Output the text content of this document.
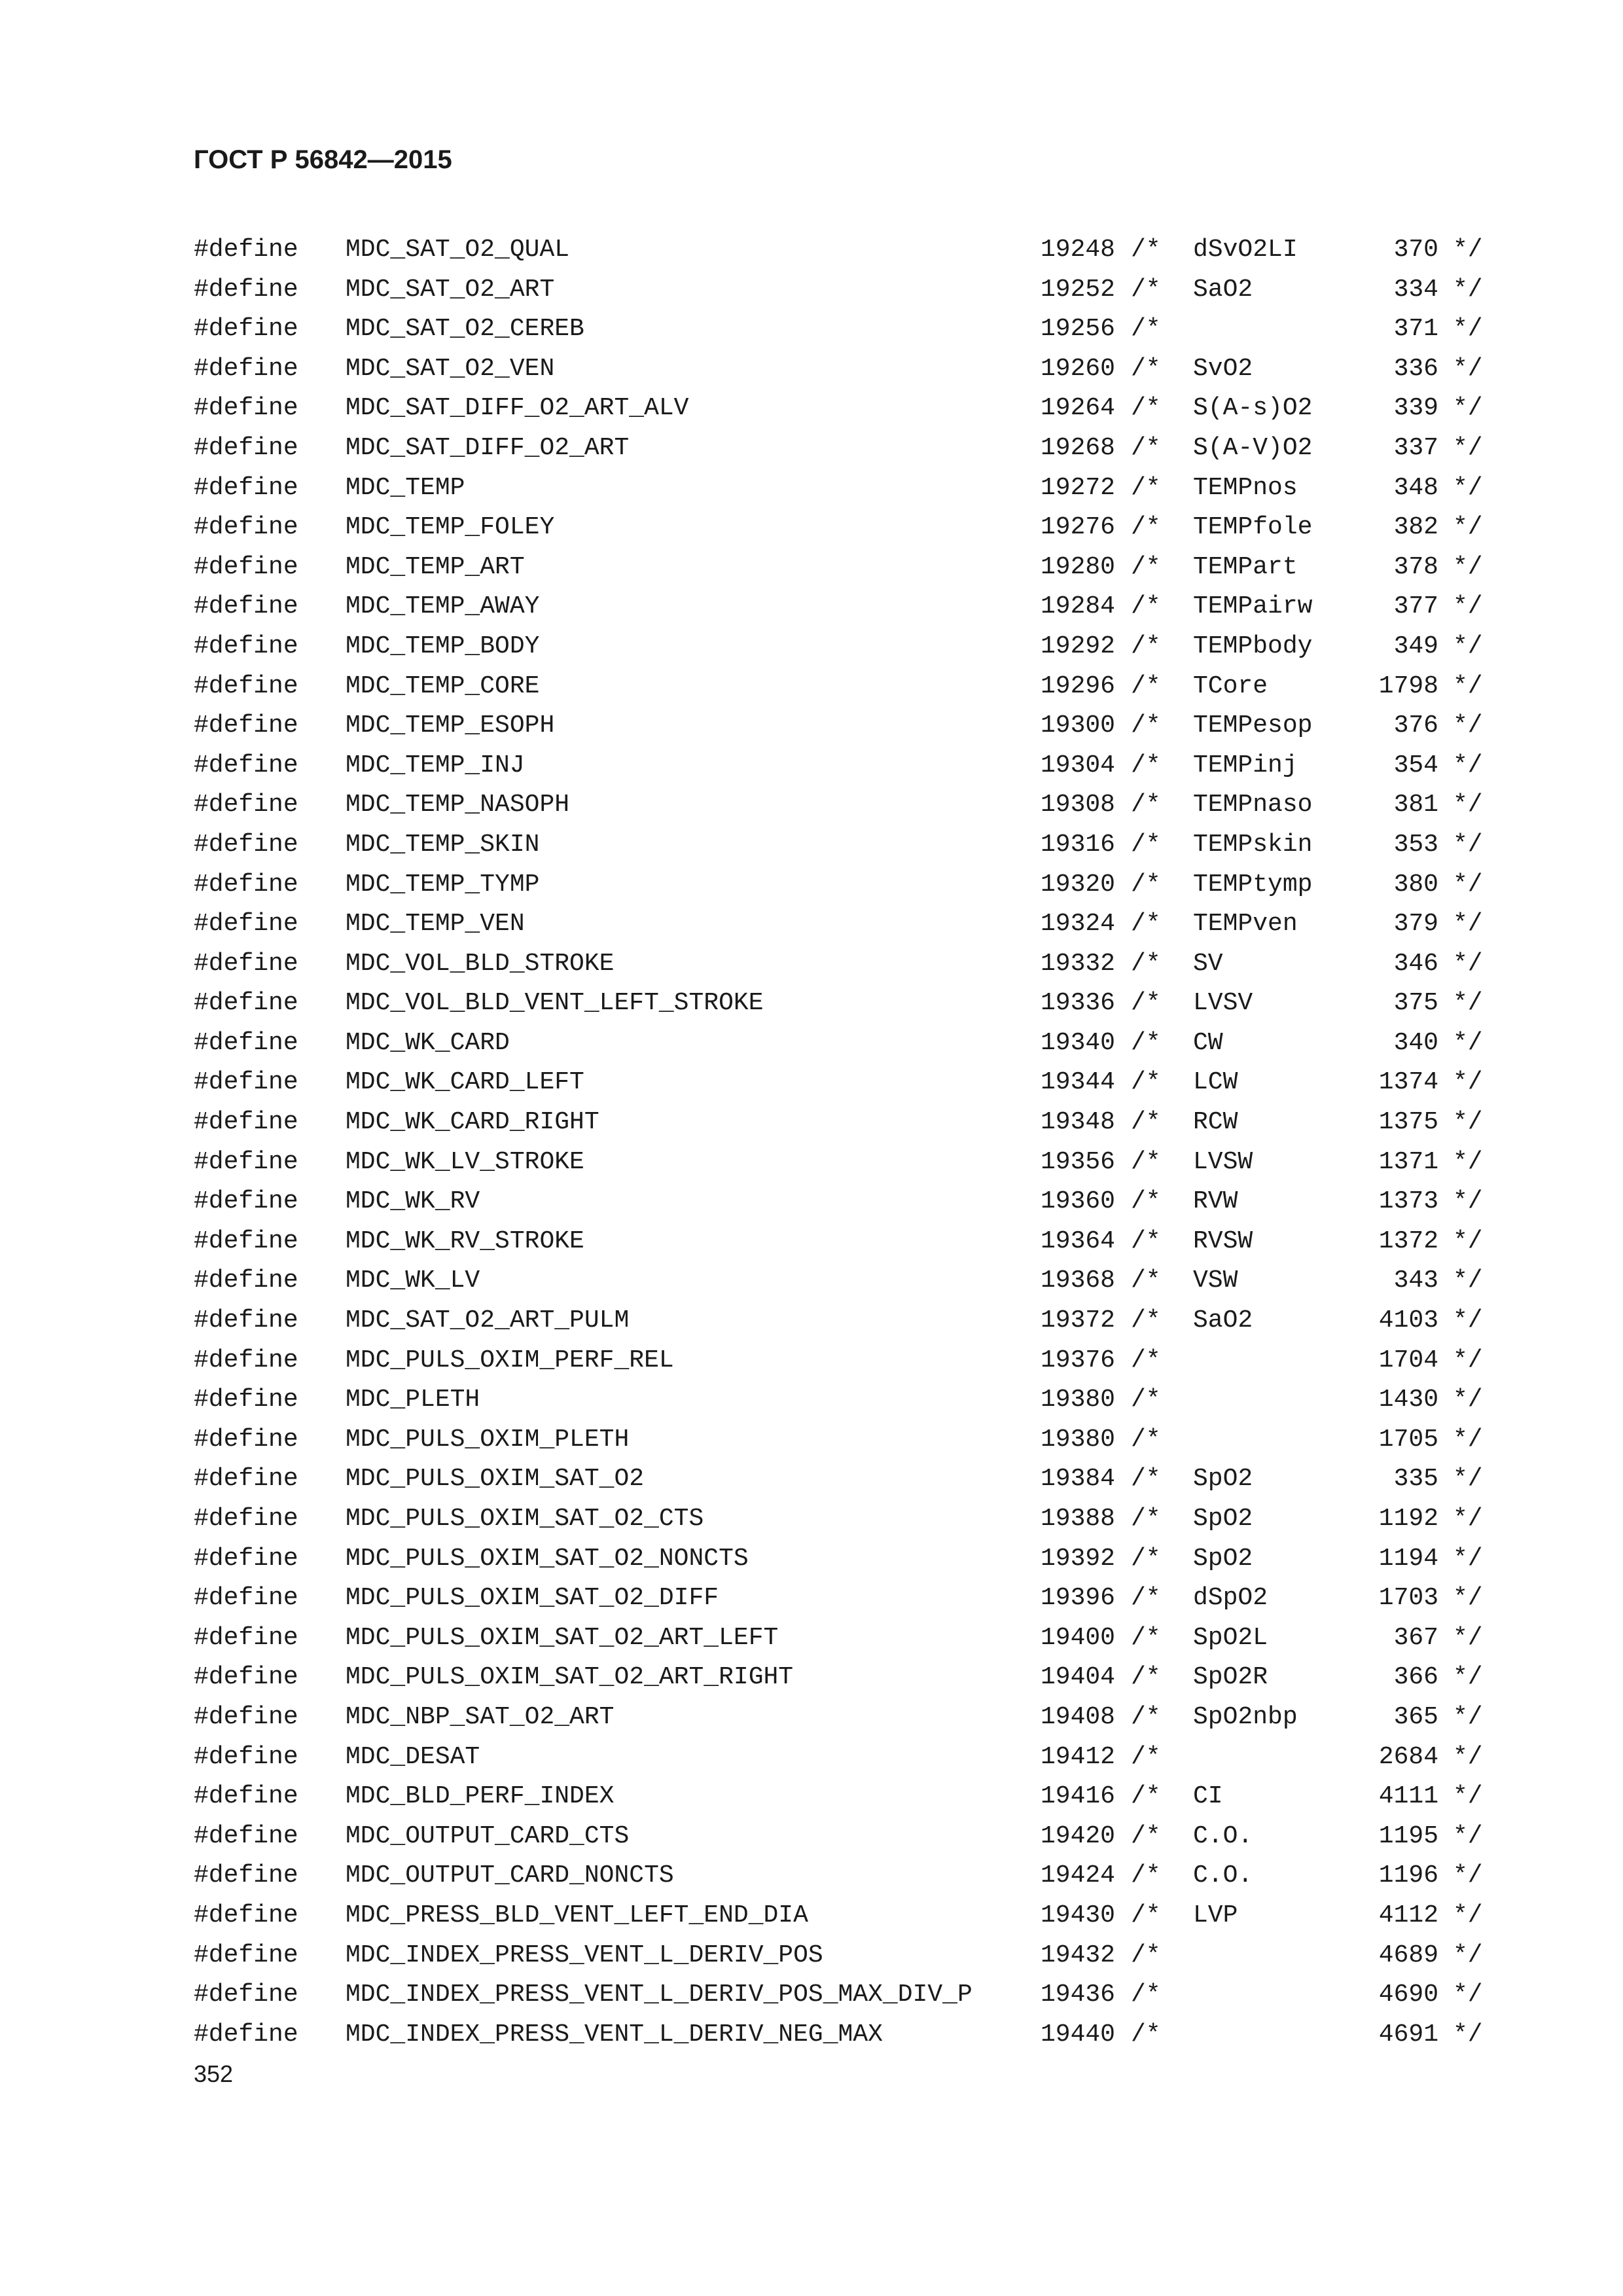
ГОСТ Р 56842—2015
#define MDC_SAT_O2_QUAL	19248 /* dSvO2LI	370 */
#define MDC_SAT_O2_ART	19252 /* SaO2	334 */
#define MDC_SAT_O2_CEREB	19256 /*	371 */
#define MDC_SAT_O2_VEN	19260 /* SvO2	336 */
#define MDC_SAT_DIFF_O2_ART_ALV	19264 /* S(A-s)O2	339 */
#define MDC_SAT_DIFF_O2_ART	19268 /* S(A-V)O2	337 */
#define MDC_TEMP	19272 /* TEMPnos	348 */
#define MDC_TEMP_FOLEY	19276 /* TEMPfole	382 */
#define MDC_TEMP_ART	19280 /* TEMPart	378 */
#define MDC_TEMP_AWAY	19284 /* TEMPairw	377 */
#define MDC_TEMP_BODY	19292 /* TEMPbody	349 */
#define MDC_TEMP_CORE	19296 /* TCore	1798 */
#define MDC_TEMP_ESOPH	19300 /* TEMPesop	376 */
#define MDC_TEMP_INJ	19304 /* TEMPinj	354 */
#define MDC_TEMP_NASOPH	19308 /* TEMPnaso	381 */
#define MDC_TEMP_SKIN	19316 /* TEMPskin	353 */
#define MDC_TEMP_TYMP	19320 /* TEMPtymp	380 */
#define MDC_TEMP_VEN	19324 /* TEMPven	379 */
#define MDC_VOL_BLD_STROKE	19332 /* SV	346 */
#define MDC_VOL_BLD_VENT_LEFT_STROKE	19336 /* LVSV	375 */
#define MDC_WK_CARD	19340 /* CW	340 */
#define MDC_WK_CARD_LEFT	19344 /* LCW	1374 */
#define MDC_WK_CARD_RIGHT	19348 /* RCW	1375 */
#define MDC_WK_LV_STROKE	19356 /* LVSW	1371 */
#define MDC_WK_RV	19360 /* RVW	1373 */
#define MDC_WK_RV_STROKE	19364 /* RVSW	1372 */
#define MDC_WK_LV	19368 /* VSW	343 */
#define MDC_SAT_O2_ART_PULM	19372 /* SaO2	4103 */
#define MDC_PULS_OXIM_PERF_REL	19376 /*	1704 */
#define MDC_PLETH	19380 /*	1430 */
#define MDC_PULS_OXIM_PLETH	19380 /*	1705 */
#define MDC_PULS_OXIM_SAT_O2	19384 /* SpO2	335 */
#define MDC_PULS_OXIM_SAT_O2_CTS	19388 /* SpO2	1192 */
#define MDC_PULS_OXIM_SAT_O2_NONCTS	19392 /* SpO2	1194 */
#define MDC_PULS_OXIM_SAT_O2_DIFF	19396 /* dSpO2	1703 */
#define MDC_PULS_OXIM_SAT_O2_ART_LEFT	19400 /* SpO2L	367 */
#define MDC_PULS_OXIM_SAT_O2_ART_RIGHT	19404 /* SpO2R	366 */
#define MDC_NBP_SAT_O2_ART	19408 /* SpO2nbp	365 */
#define MDC_DESAT	19412 /*	2684 */
#define MDC_BLD_PERF_INDEX	19416 /* CI	4111 */
#define MDC_OUTPUT_CARD_CTS	19420 /* C.O.	1195 */
#define MDC_OUTPUT_CARD_NONCTS	19424 /* C.O.	1196 */
#define MDC_PRESS_BLD_VENT_LEFT_END_DIA	19430 /* LVP	4112 */
#define MDC_INDEX_PRESS_VENT_L_DERIV_POS	19432 /*	4689 */
#define MDC_INDEX_PRESS_VENT_L_DERIV_POS_MAX_DIV_P	19436 /*	4690 */
#define MDC_INDEX_PRESS_VENT_L_DERIV_NEG_MAX	19440 /*	4691 */
352
